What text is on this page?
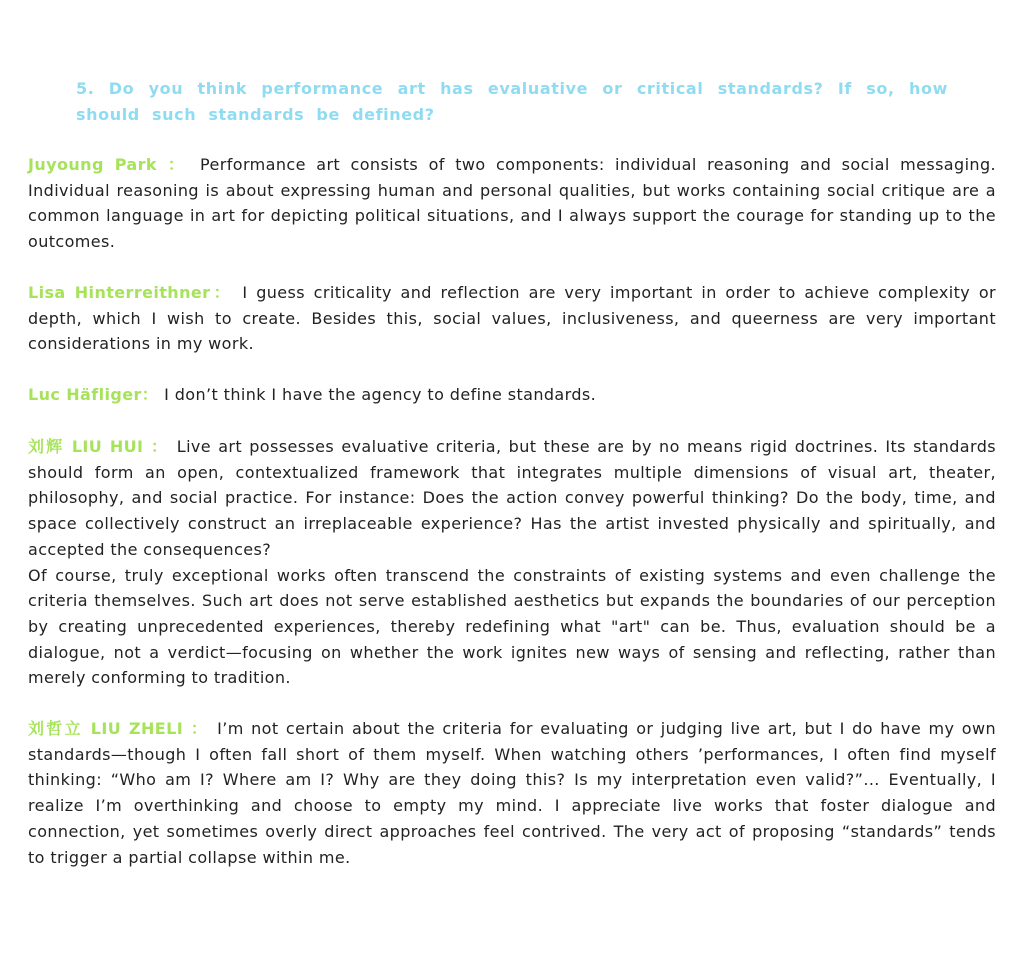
5. Do you think performance art has evaluative or critical standards? If so, how should such standards be defined?

Juyoung Park ： Performance art consists of two components: individual reasoning and social messaging. Individual reasoning is about expressing human and personal qualities, but works containing social critique are a common language in art for depicting political situations, and I always support the courage for standing up to the outcomes.

Lisa Hinterreithner： I guess criticality and reflection are very important in order to achieve complexity or depth, which I wish to create. Besides this, social values, inclusiveness, and queerness are very important considerations in my work.

Luc Häfliger： I don’t think I have the agency to define standards.

刘辉 LIU HUI ： Live art possesses evaluative criteria, but these are by no means rigid doctrines. Its standards should form an open, contextualized framework that integrates multiple dimensions of visual art, theater, philosophy, and social practice. For instance: Does the action convey powerful thinking? Do the body, time, and space collectively construct an irreplaceable experience? Has the artist invested physically and spiritually, and accepted the consequences?

Of course, truly exceptional works often transcend the constraints of existing systems and even challenge the criteria themselves. Such art does not serve established aesthetics but expands the boundaries of our perception by creating unprecedented experiences, thereby redefining what "art" can be. Thus, evaluation should be a dialogue, not a verdict—focusing on whether the work ignites new ways of sensing and reflecting, rather than merely conforming to tradition.

刘哲立 LIU ZHELI ： I’m not certain about the criteria for evaluating or judging live art, but I do have my own standards—though I often fall short of them myself. When watching others ’performances, I often find myself thinking: “Who am I? Where am I? Why are they doing this? Is my interpretation even valid?”... Eventually, I realize I’m overthinking and choose to empty my mind. I appreciate live works that foster dialogue and connection, yet sometimes overly direct approaches feel contrived. The very act of proposing “standards” tends to trigger a partial collapse within me.
